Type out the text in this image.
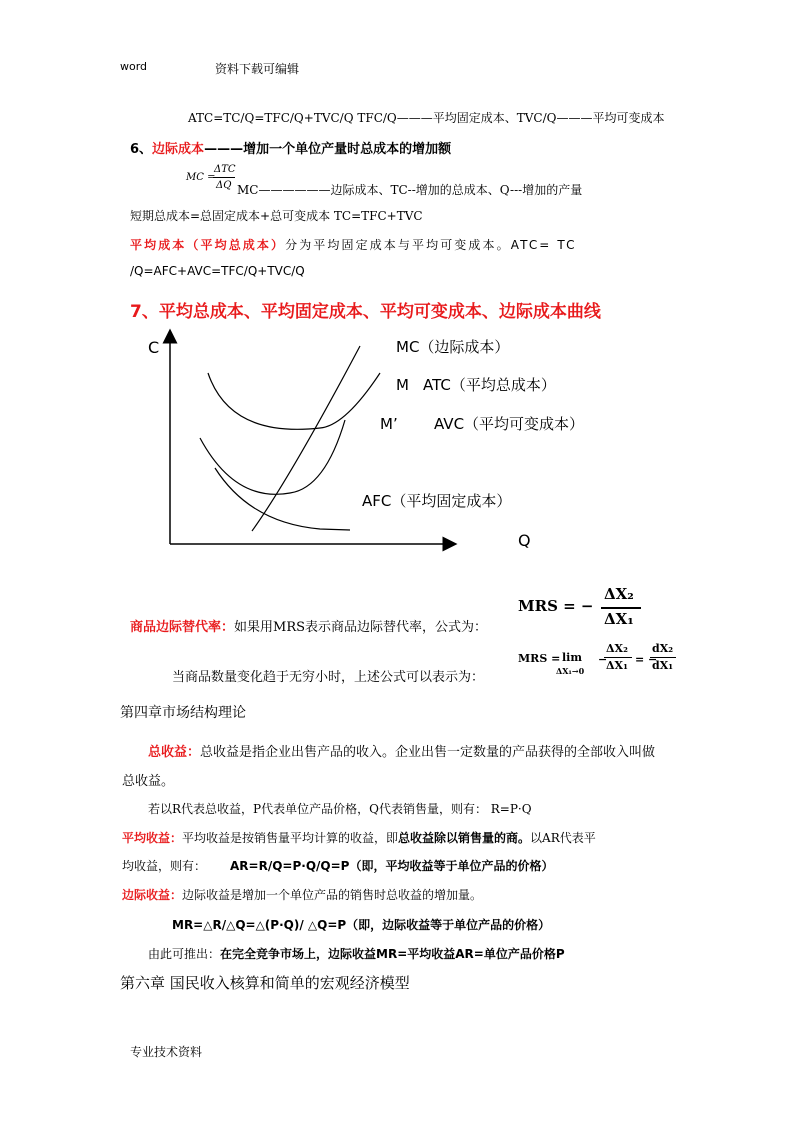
word	资料下载可编辑
ATC=TC/Q=TFC/Q+TVC/Q TFC/Q———平均固定成本、TVC/Q———平均可变成本
6、边际成本———增加一个单位产量时总成本的增加额
MC =
ΔTC
ΔQ MC——————边际成本、TC--增加的总成本、Q---增加的产量
短期总成本=总固定成本+总可变成本 TC=TFC+TVC
平均成本（平均总成本）分为平均固定成本与平均可变成本。ATC= TC
/Q=AFC+AVC=TFC/Q+TVC/Q
7、平均总成本、平均固定成本、平均可变成本、边际成本曲线
C
Q
MC（边际成本）
M ATC（平均总成本）
M’ AVC（平均可变成本）
AFC（平均固定成本）
商品边际替代率：如果用MRS表示商品边际替代率，公式为：
MRS = −
ΔX₂
ΔX₁
当商品数量变化趋于无穷小时，上述公式可以表示为：
MRS = lim
ΔX₁→0
−
ΔX₂
ΔX₁ = −
dX₂
dX₁
第四章市场结构理论
总收益：总收益是指企业出售产品的收入。企业出售一定数量的产品获得的全部收入叫做
总收益。
若以R代表总收益，P代表单位产品价格，Q代表销售量，则有： R=P·Q
平均收益：平均收益是按销售量平均计算的收益，即总收益除以销售量的商。以AR代表平
均收益，则有： AR=R/Q=P·Q/Q=P（即，平均收益等于单位产品的价格）
边际收益：边际收益是增加一个单位产品的销售时总收益的增加量。
MR=△R/△Q=△(P·Q)/ △Q=P（即，边际收益等于单位产品的价格）
由此可推出：在完全竞争市场上，边际收益MR=平均收益AR=单位产品价格P
第六章 国民收入核算和简单的宏观经济模型
专业技术资料
